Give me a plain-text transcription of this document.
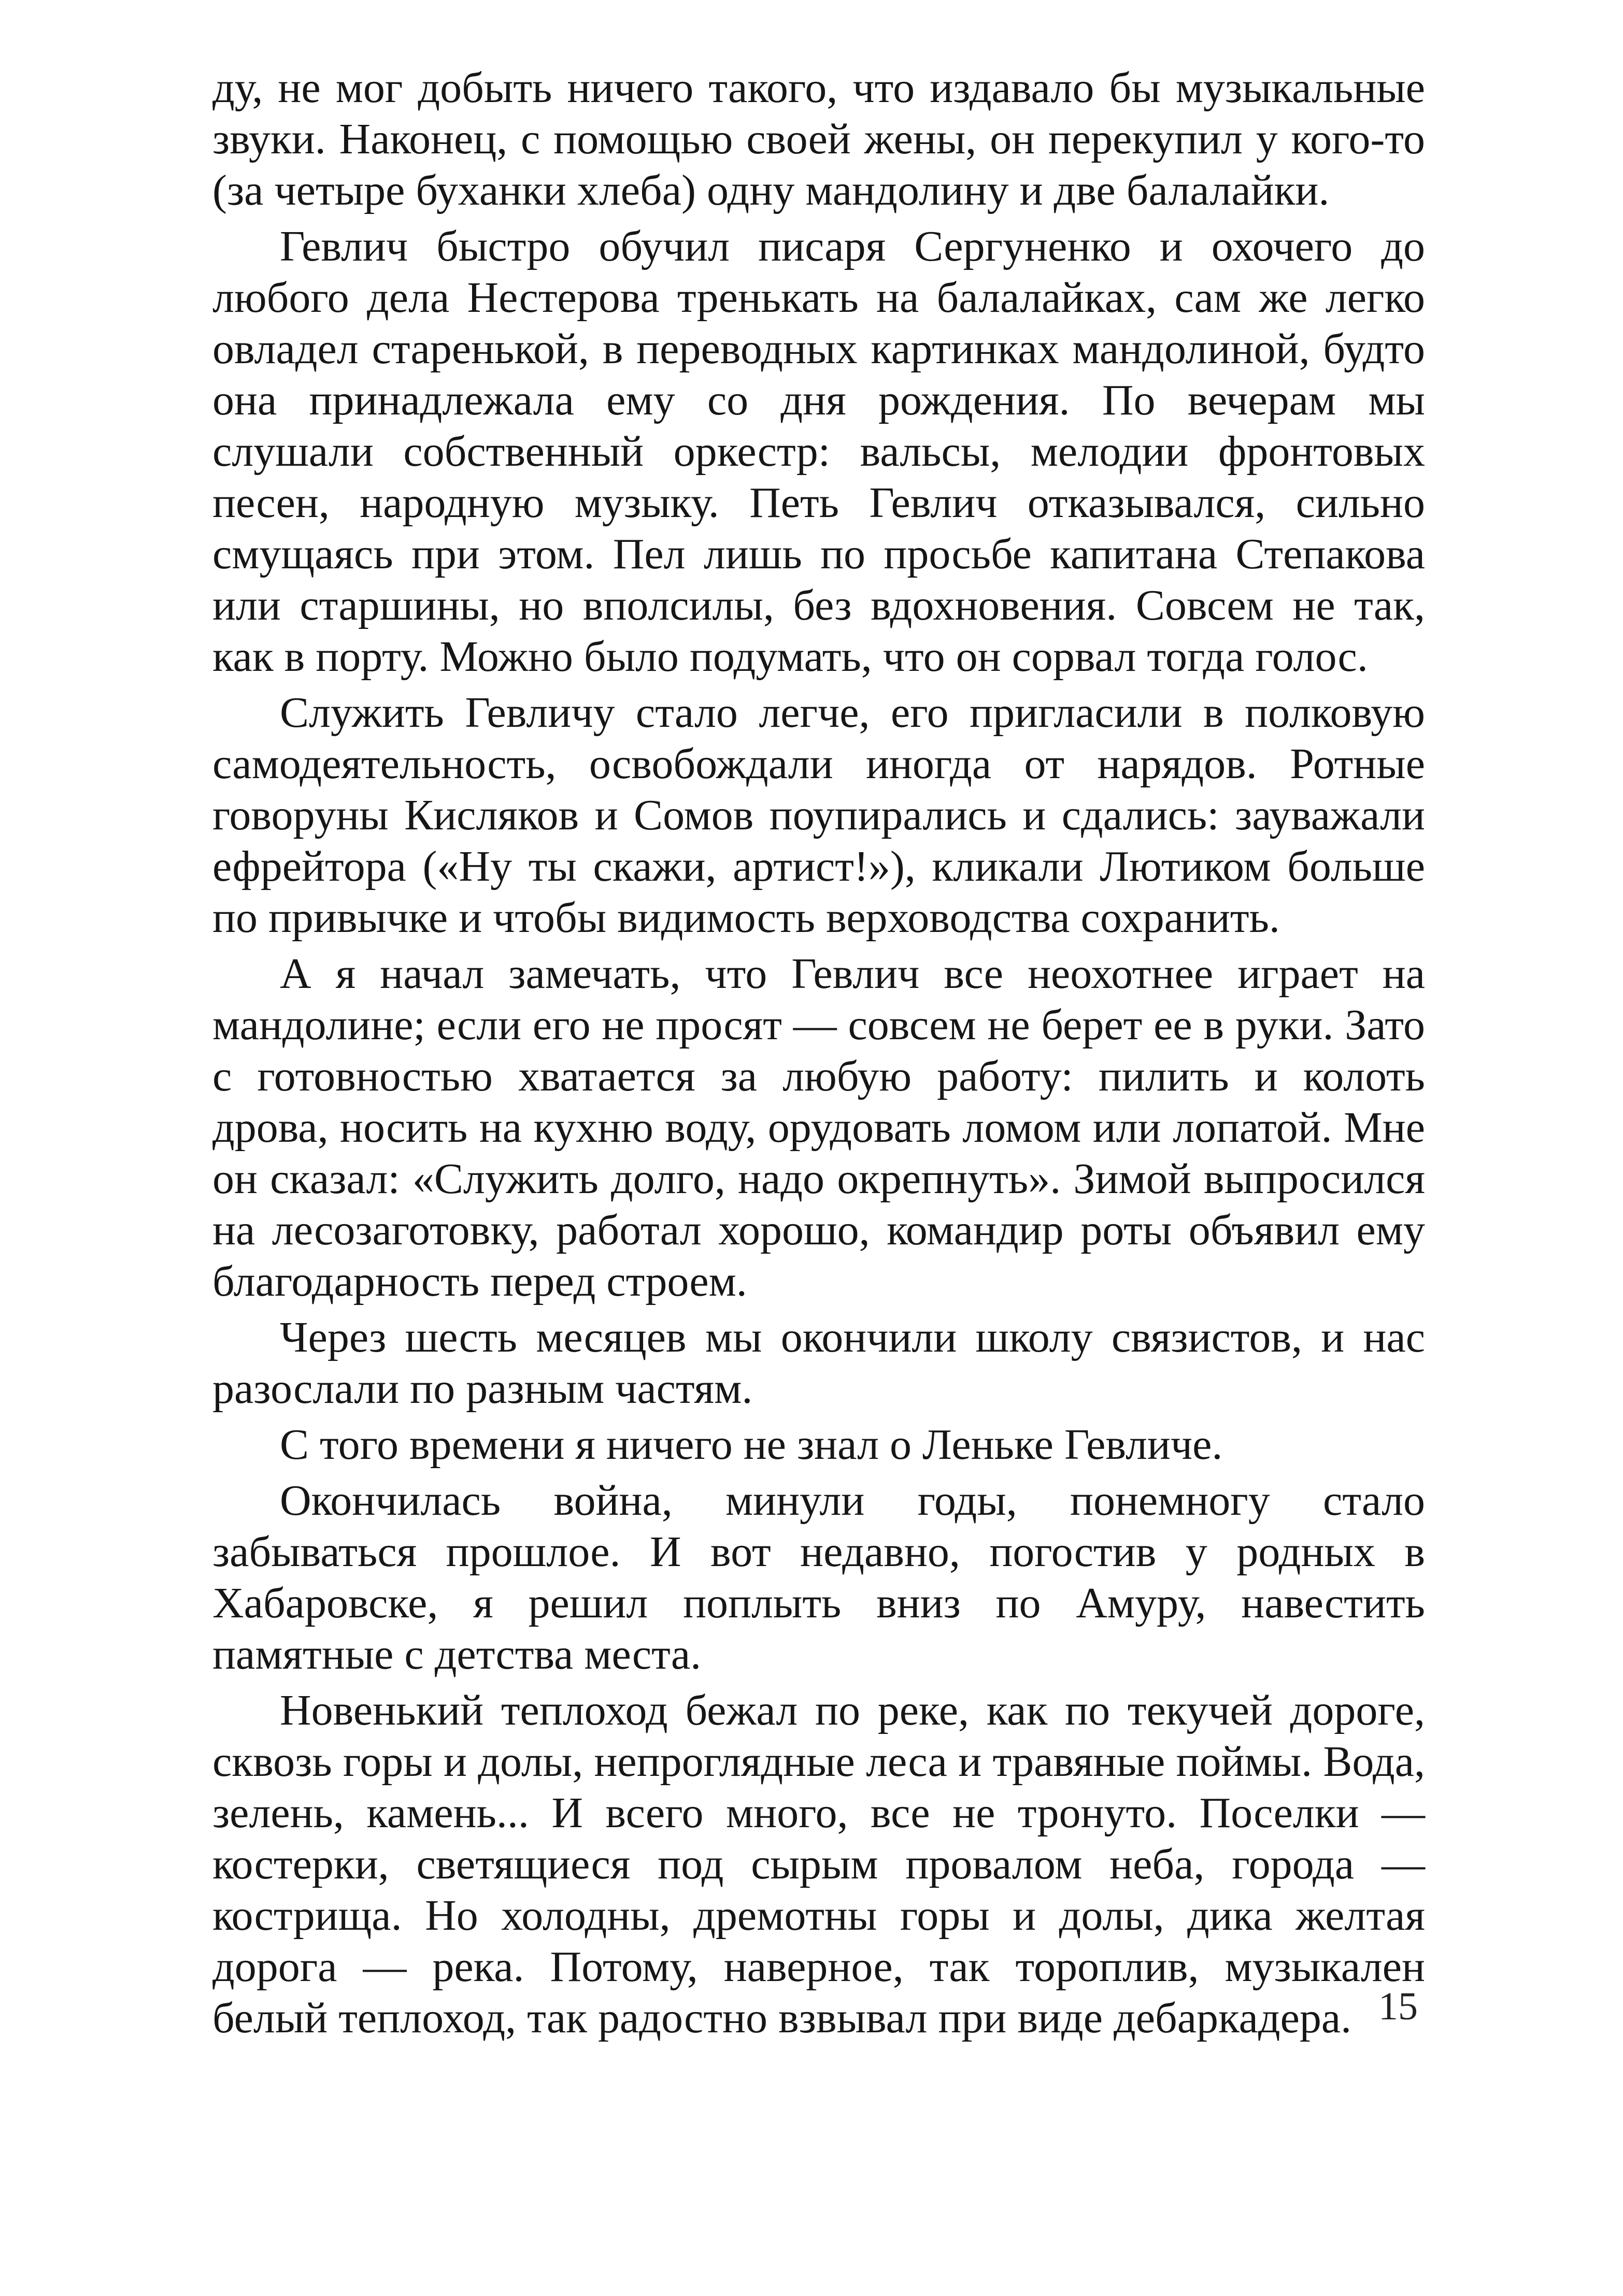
ду, не мог добыть ничего такого, что издавало бы музыкальные звуки. Наконец, с помощью своей жены, он перекупил у кого-то (за четыре буханки хлеба) одну мандолину и две балалайки.

Гевлич быстро обучил писаря Сергуненко и охочего до любого дела Нестерова тренькать на балалайках, сам же легко овладел старенькой, в переводных картинках мандолиной, будто она принадлежала ему со дня рождения. По вечерам мы слушали собственный оркестр: вальсы, мелодии фронтовых песен, народную музыку. Петь Гевлич отказывался, сильно смущаясь при этом. Пел лишь по просьбе капитана Степакова или старшины, но вполсилы, без вдохновения. Совсем не так, как в порту. Можно было подумать, что он сорвал тогда голос.

Служить Гевличу стало легче, его пригласили в полковую самодеятельность, освобождали иногда от нарядов. Ротные говоруны Кисляков и Сомов поупирались и сдались: зауважали ефрейтора («Ну ты скажи, артист!»), кликали Лютиком больше по привычке и чтобы видимость верховодства сохранить.

А я начал замечать, что Гевлич все неохотнее играет на мандолине; если его не просят — совсем не берет ее в руки. Зато с готовностью хватается за любую работу: пилить и колоть дрова, носить на кухню воду, орудовать ломом или лопатой. Мне он сказал: «Служить долго, надо окрепнуть». Зимой выпросился на лесозаготовку, работал хорошо, командир роты объявил ему благодарность перед строем.

Через шесть месяцев мы окончили школу связистов, и нас разослали по разным частям.

С того времени я ничего не знал о Леньке Гевличе.

Окончилась война, минули годы, понемногу стало забываться прошлое. И вот недавно, погостив у родных в Хабаровске, я решил поплыть вниз по Амуру, навестить памятные с детства места.

Новенький теплоход бежал по реке, как по текучей дороге, сквозь горы и долы, непроглядные леса и травяные поймы. Вода, зелень, камень... И всего много, все не тронуто. Поселки — костерки, светящиеся под сырым провалом неба, города — кострища. Но холодны, дремотны горы и долы, дика желтая дорога — река. Потому, наверное, так тороплив, музыкален белый теплоход, так радостно взвывал при виде дебаркадера. 15
